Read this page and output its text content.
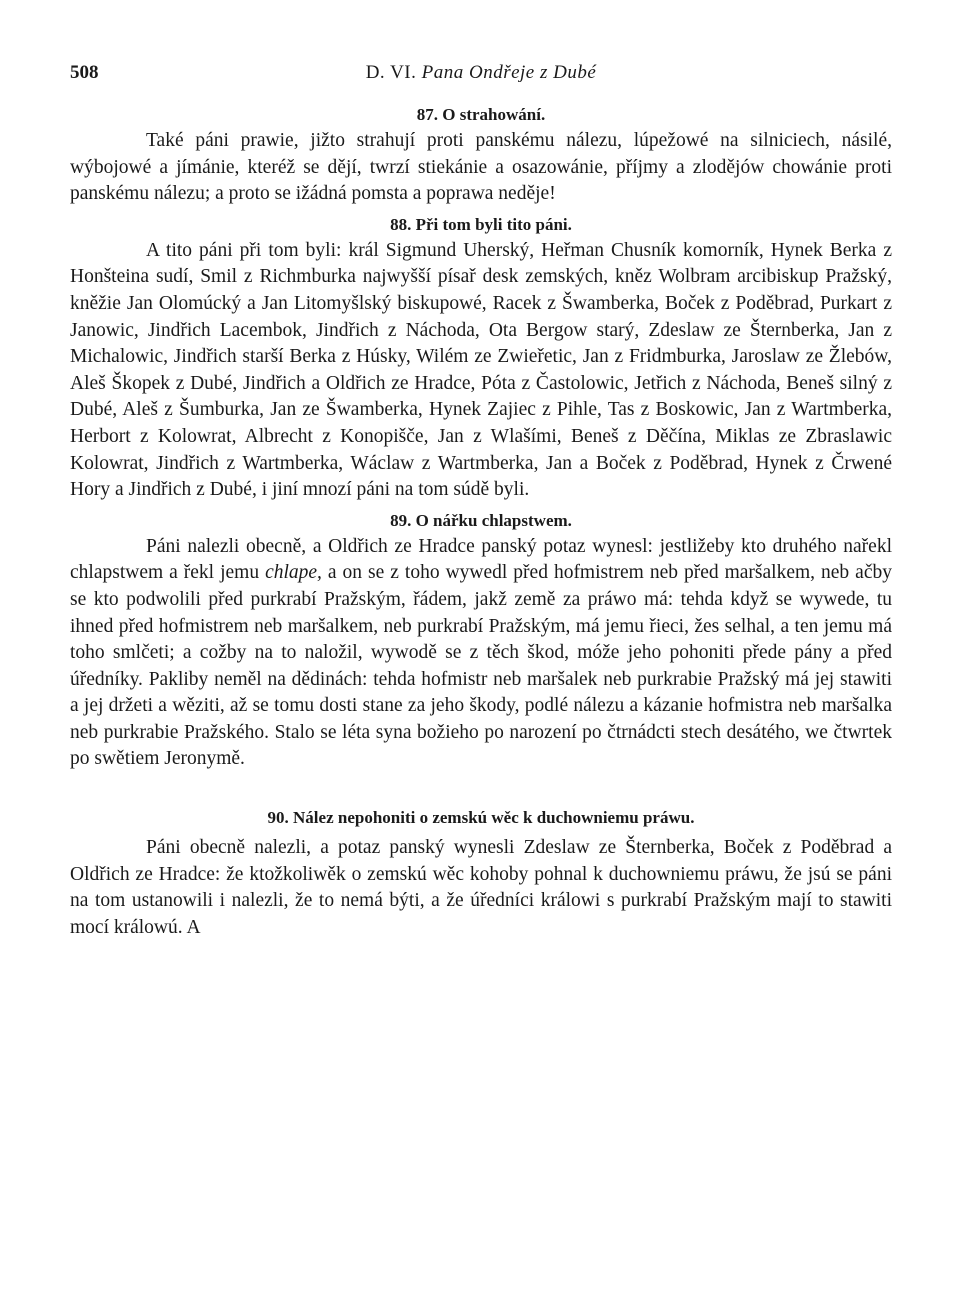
508	D. VI. Pana Ondřeje z Dubé
87. O strahowání.

Také páni prawie, jižto strahují proti panskému nálezu, lúpežowé na silniciech, násilé, wýbojowé a jímánie, kteréž se dějí, twrzí stiekánie a osazowánie, příjmy a zlodějów chowánie proti panskému nálezu; a proto se ižádná pomsta a poprawa neděje!

88. Při tom byli tito páni.

A tito páni při tom byli: král Sigmund Uherský, Heřman Chusník komorník, Hynek Berka z Honšteina sudí, Smil z Richmburka najwyšší písař desk zemských, kněz Wolbram arcibiskup Pražský, kněžie Jan Olomúcký a Jan Litomyšlský biskupowé, Racek z Šwamberka, Boček z Poděbrad, Purkart z Janowic, Jindřich Lacembok, Jindřich z Náchoda, Ota Bergow starý, Zdeslaw ze Šternberka, Jan z Michalowic, Jindřich starší Berka z Húsky, Wilém ze Zwieřetic, Jan z Fridmburka, Jaroslaw ze Žlebów, Aleš Škopek z Dubé, Jindřich a Oldřich ze Hradce, Póta z Častolowic, Jetřich z Náchoda, Beneš silný z Dubé, Aleš z Šumburka, Jan ze Šwamberka, Hynek Zajiec z Pihle, Tas z Boskowic, Jan z Wartmberka, Herbort z Kolowrat, Albrecht z Konopišče, Jan z Wlašími, Beneš z Děčína, Miklas ze Zbraslawic Kolowrat, Jindřich z Wartmberka, Wáclaw z Wartmberka, Jan a Boček z Poděbrad, Hynek z Črwené Hory a Jindřich z Dubé, i jiní mnozí páni na tom súdě byli.

89. O nářku chlapstwem.

Páni nalezli obecně, a Oldřich ze Hradce panský potaz wynesl: jestližeby kto druhého nařekl chlapstwem a řekl jemu chlape, a on se z toho wywedl před hofmistrem neb před maršalkem, neb ačby se kto podwolili před purkrabí Pražským, řádem, jakž země za práwo má: tehda když se wywede, tu ihned před hofmistrem neb maršalkem, neb purkrabí Pražským, má jemu řieci, žes selhal, a ten jemu má toho smlčeti; a cožby na to naložil, wywodě se z těch škod, móže jeho pohoniti přede pány a před úředníky. Pakliby neměl na dědinách: tehda hofmistr neb maršalek neb purkrabie Pražský má jej stawiti a jej držeti a wěziti, až se tomu dosti stane za jeho škody, podlé nálezu a kázanie hofmistra neb maršalka neb purkrabie Pražského. Stalo se léta syna božieho po narození po čtrnádcti stech desátého, we čtwrtek po swětiem Jeronymě.

90. Nález nepohoniti o zemskú wěc k duchowniemu práwu.

Páni obecně nalezli, a potaz panský wynesli Zdeslaw ze Šternberka, Boček z Poděbrad a Oldřich ze Hradce: že ktožkoliwěk o zemskú wěc kohoby pohnal k duchowniemu práwu, že jsú se páni na tom ustanowili i nalezli, že to nemá býti, a že úředníci králowi s purkrabí Pražským mají to stawiti mocí králowú. A
